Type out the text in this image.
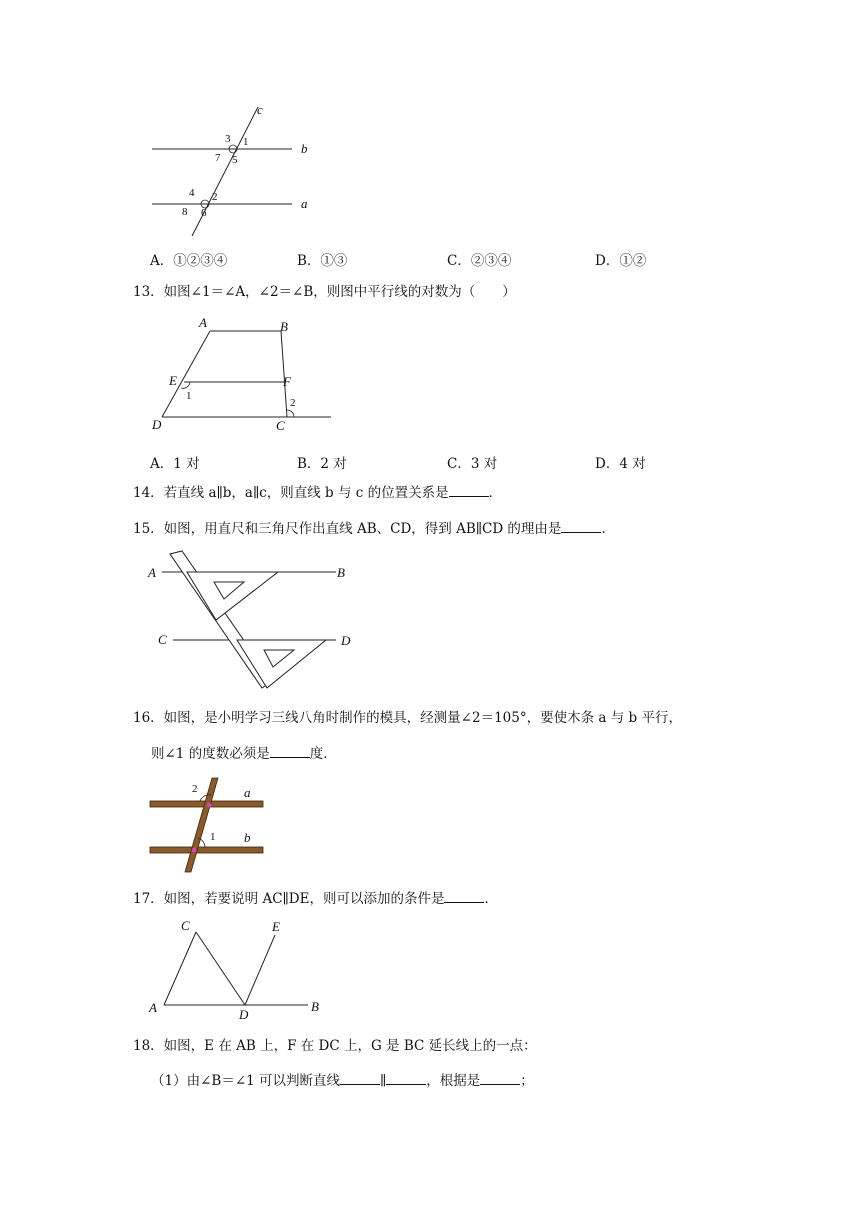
c
b
a
3 1
7 5
4 2
8 6
A．①②③④	B．①③	C．②③④	D．①②
13．如图∠1＝∠A，∠2＝∠B，则图中平行线的对数为（　　）
A	B
E	F
D	C
1
2
A．1 对	B．2 对	C．3 对	D．4 对
14．若直线 a∥b，a∥c，则直线 b 与 c 的位置关系是	．
15．如图，用直尺和三角尺作出直线 AB、CD，得到 AB∥CD 的理由是	．
A	B
C	D
16．如图，是小明学习三线八角时制作的模具，经测量∠2＝105°，要使木条 a 与 b 平行，
则∠1 的度数必须是	度．
2	a
1 b
17．如图，若要说明 AC∥DE，则可以添加的条件是	．
C	E
A	D
B
18．如图，E 在 AB 上，F 在 DC 上，G 是 BC 延长线上的一点：
（1）由∠B＝∠1 可以判断直线	∥	，根据是	；
